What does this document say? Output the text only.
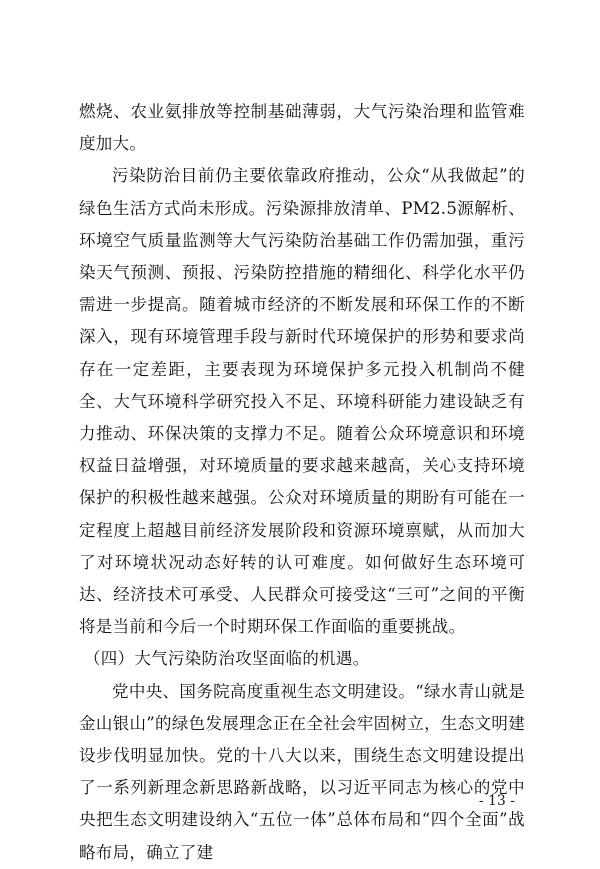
燃烧、农业氨排放等控制基础薄弱，大气污染治理和监管难度加大。

污染防治目前仍主要依靠政府推动，公众“从我做起”的绿色生活方式尚未形成。污染源排放清单、PM2.5源解析、环境空气质量监测等大气污染防治基础工作仍需加强，重污染天气预测、预报、污染防控措施的精细化、科学化水平仍需进一步提高。随着城市经济的不断发展和环保工作的不断深入，现有环境管理手段与新时代环境保护的形势和要求尚存在一定差距，主要表现为环境保护多元投入机制尚不健全、大气环境科学研究投入不足、环境科研能力建设缺乏有力推动、环保决策的支撑力不足。随着公众环境意识和环境权益日益增强，对环境质量的要求越来越高，关心支持环境保护的积极性越来越强。公众对环境质量的期盼有可能在一定程度上超越目前经济发展阶段和资源环境禀赋，从而加大了对环境状况动态好转的认可难度。如何做好生态环境可达、经济技术可承受、人民群众可接受这“三可”之间的平衡将是当前和今后一个时期环保工作面临的重要挑战。

（四）大气污染防治攻坚面临的机遇。

党中央、国务院高度重视生态文明建设。“绿水青山就是金山银山”的绿色发展理念正在全社会牢固树立，生态文明建设步伐明显加快。党的十八大以来，围绕生态文明建设提出了一系列新理念新思路新战略，以习近平同志为核心的党中央把生态文明建设纳入“五位一体”总体布局和“四个全面”战略布局，确立了建

- 13 -
